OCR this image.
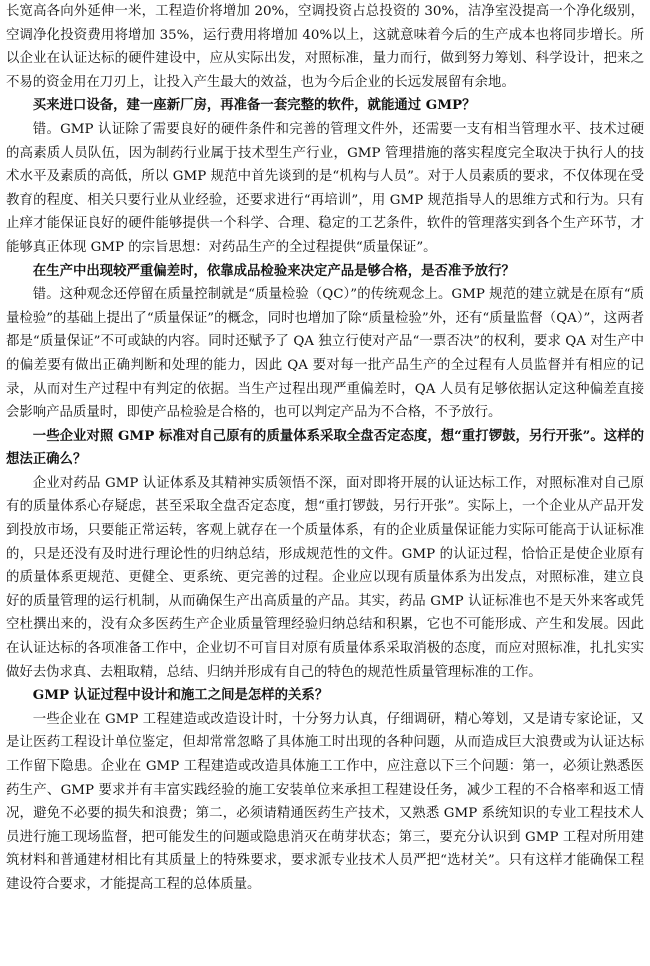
长宽高各向外延伸一米，工程造价将增加 20%，空调投资占总投资的 30%，洁净室没提高一个净化级别，空调净化投资费用将增加 35%，运行费用将增加 40%以上，这就意味着今后的生产成本也将同步增长。所以企业在认证达标的硬件建设中，应从实际出发，对照标准，量力而行，做到努力筹划、科学设计，把来之不易的资金用在刀刃上，让投入产生最大的效益，也为今后企业的长远发展留有余地。

买来进口设备，建一座新厂房，再准备一套完整的软件，就能通过 GMP？

错。GMP 认证除了需要良好的硬件条件和完善的管理文件外，还需要一支有相当管理水平、技术过硬的高素质人员队伍，因为制药行业属于技术型生产行业，GMP 管理措施的落实程度完全取决于执行人的技术水平及素质的高低，所以 GMP 规范中首先谈到的是“机构与人员”。对于人员素质的要求，不仅体现在受教育的程度、相关只要行业从业经验，还要求进行“再培训”，用 GMP 规范指导人的思维方式和行为。只有止痒才能保证良好的硬件能够提供一个科学、合理、稳定的工艺条件，软件的管理落实到各个生产环节，才能够真正体现 GMP 的宗旨思想：对药品生产的全过程提供“质量保证”。

在生产中出现较严重偏差时，依靠成品检验来决定产品是够合格，是否准予放行？

错。这种观念还停留在质量控制就是“质量检验（QC）”的传统观念上。GMP 规范的建立就是在原有“质量检验”的基础上提出了“质量保证”的概念，同时也增加了除“质量检验”外，还有“质量监督（QA）”，这两者都是“质量保证”不可或缺的内容。同时还赋予了 QA 独立行使对产品“一票否决”的权利，要求 QA 对生产中的偏差要有做出正确判断和处理的能力，因此 QA 要对每一批产品生产的全过程有人员监督并有相应的记录，从而对生产过程中有判定的依据。当生产过程出现严重偏差时，QA 人员有足够依据认定这种偏差直接会影响产品质量时，即使产品检验是合格的，也可以判定产品为不合格，不予放行。

一些企业对照 GMP 标准对自己原有的质量体系采取全盘否定态度，想“重打锣鼓，另行开张”。这样的想法正确么？

企业对药品 GMP 认证体系及其精神实质领悟不深，面对即将开展的认证达标工作，对照标准对自己原有的质量体系心存疑虑，甚至采取全盘否定态度，想“重打锣鼓，另行开张”。实际上，一个企业从产品开发到投放市场，只要能正常运转，客观上就存在一个质量体系，有的企业质量保证能力实际可能高于认证标准的，只是还没有及时进行理论性的归纳总结，形成规范性的文件。GMP 的认证过程，恰恰正是使企业原有的质量体系更规范、更健全、更系统、更完善的过程。企业应以现有质量体系为出发点，对照标准，建立良好的质量管理的运行机制，从而确保生产出高质量的产品。其实，药品 GMP 认证标准也不是天外来客或凭空杜撰出来的，没有众多医药生产企业质量管理经验归纳总结和积累，它也不可能形成、产生和发展。因此在认证达标的各项准备工作中，企业切不可盲目对原有质量体系采取消极的态度，而应对照标准，扎扎实实做好去伪求真、去粗取精，总结、归纳并形成有自己的特色的规范性质量管理标准的工作。

GMP 认证过程中设计和施工之间是怎样的关系？

一些企业在 GMP 工程建造或改造设计时，十分努力认真，仔细调研，精心筹划，又是请专家论证，又是让医药工程设计单位鉴定，但却常常忽略了具体施工时出现的各种问题，从而造成巨大浪费或为认证达标工作留下隐患。企业在 GMP 工程建造或改造具体施工工作中，应注意以下三个问题：第一，必须让熟悉医药生产、GMP 要求并有丰富实践经验的施工安装单位来承担工程建设任务，减少工程的不合格率和返工情况，避免不必要的损失和浪费；第二，必须请精通医药生产技术，又熟悉 GMP 系统知识的专业工程技术人员进行施工现场监督，把可能发生的问题或隐患消灭在萌芽状态；第三，要充分认识到 GMP 工程对所用建筑材料和普通建材相比有其质量上的特殊要求，要求派专业技术人员严把“选材关”。只有这样才能确保工程建设符合要求，才能提高工程的总体质量。
